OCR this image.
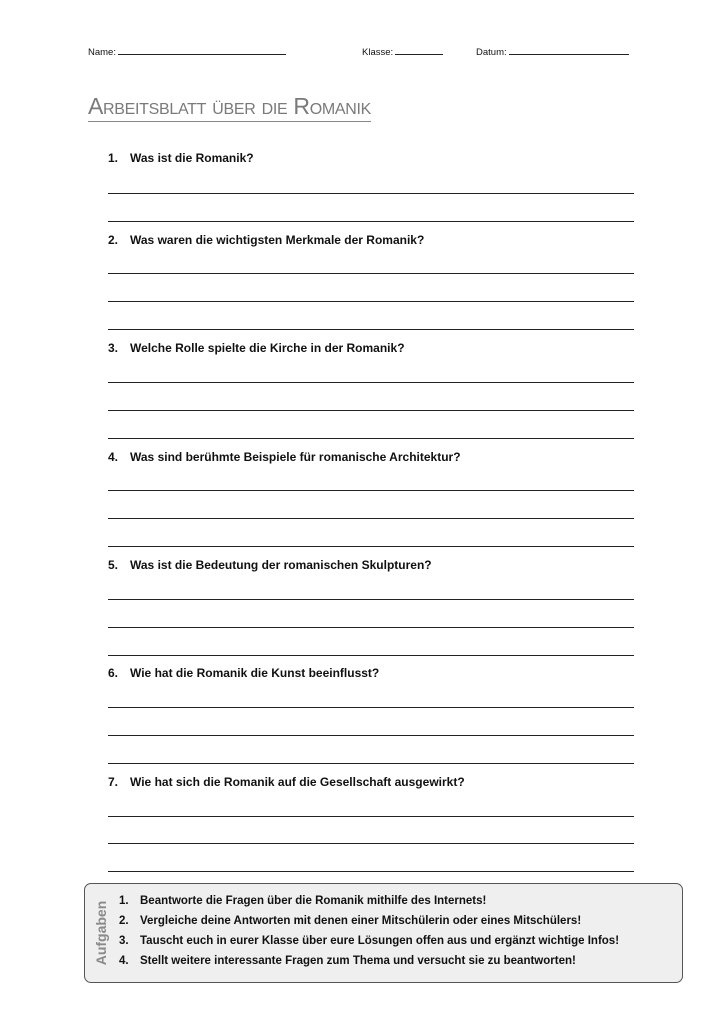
Name:	Klasse:	Datum:
Arbeitsblatt über die Romanik
1. Was ist die Romanik?
2. Was waren die wichtigsten Merkmale der Romanik?
3. Welche Rolle spielte die Kirche in der Romanik?
4. Was sind berühmte Beispiele für romanische Architektur?
5. Was ist die Bedeutung der romanischen Skulpturen?
6. Wie hat die Romanik die Kunst beeinflusst?
7. Wie hat sich die Romanik auf die Gesellschaft ausgewirkt?
Aufgaben 1. Beantworte die Fragen über die Romanik mithilfe des Internets!
2. Vergleiche deine Antworten mit denen einer Mitschülerin oder eines Mitschülers!
3. Tauscht euch in eurer Klasse über eure Lösungen offen aus und ergänzt wichtige Infos!
4. Stellt weitere interessante Fragen zum Thema und versucht sie zu beantworten!
